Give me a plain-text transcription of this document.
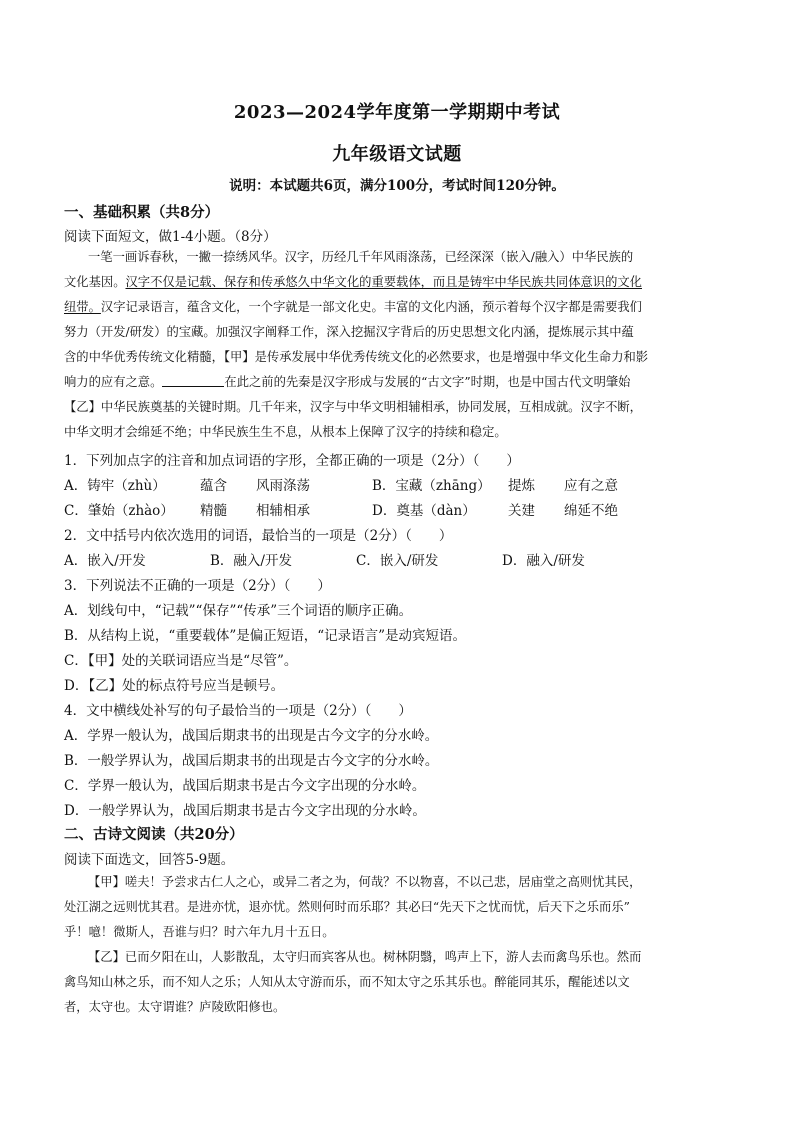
2023—2024学年度第一学期期中考试
九年级语文试题
说明：本试题共6页，满分100分，考试时间120分钟。
一、基础积累（共8分）
阅读下面短文，做1-4小题。（8分）
一笔一画诉春秋，一撇一捺绣风华。汉字，历经几千年风雨涤荡，已经深深（嵌入/融入）中华民族的
文化基因。汉字不仅是记载、保存和传承悠久中华文化的重要载体，而且是铸牢中华民族共同体意识的文化
纽带。汉字记录语言，蕴含文化，一个字就是一部文化史。丰富的文化内涵，预示着每个汉字都是需要我们
努力（开发/研发）的宝藏。加强汉字阐释工作，深入挖掘汉字背后的历史思想文化内涵，提炼展示其中蕴
含的中华优秀传统文化精髓，【甲】是传承发展中华优秀传统文化的必然要求，也是增强中华文化生命力和影
响力的应有之意。	在此之前的先秦是汉字形成与发展的“古文字”时期，也是中国古代文明肇始
【乙】中华民族奠基的关键时期。几千年来，汉字与中华文明相辅相承，协同发展，互相成就。汉字不断，
中华文明才会绵延不绝；中华民族生生不息，从根本上保障了汉字的持续和稳定。
1．下列加点字的注音和加点词语的字形，全都正确的一项是（2分）（　　）
A．铸牢（zhù）	蕴含 风雨涤荡	B．宝藏（zhāng） 提炼 应有之意
C．肇始（zhào） 精髓 相辅相承	D．奠基（dàn） 关建 绵延不绝
2．文中括号内依次选用的词语，最恰当的一项是（2分）（　　）
A．嵌入/开发	B．融入/开发	C．嵌入/研发	D．融入/研发
3．下列说法不正确的一项是（2分）（　　）
A．划线句中，“记载”“保存”“传承”三个词语的顺序正确。
B．从结构上说，“重要载体”是偏正短语，“记录语言”是动宾短语。
C．【甲】处的关联词语应当是“尽管”。
D．【乙】处的标点符号应当是顿号。
4．文中横线处补写的句子最恰当的一项是（2分）（　　）
A．学界一般认为，战国后期隶书的出现是古今文字的分水岭。
B．一般学界认为，战国后期隶书的出现是古今文字的分水岭。
C．学界一般认为，战国后期隶书是古今文字出现的分水岭。
D．一般学界认为，战国后期隶书是古今文字出现的分水岭。
二、古诗文阅读（共20分）
阅读下面选文，回答5-9题。
【甲】嗟夫！予尝求古仁人之心，或异二者之为，何哉？不以物喜，不以己悲，居庙堂之高则忧其民，
处江湖之远则忧其君。是进亦忧，退亦忧。然则何时而乐耶？其必曰“先天下之忧而忧，后天下之乐而乐”
乎！噫！微斯人，吾谁与归？时六年九月十五日。
【乙】已而夕阳在山，人影散乱，太守归而宾客从也。树林阴翳，鸣声上下，游人去而禽鸟乐也。然而
禽鸟知山林之乐，而不知人之乐；人知从太守游而乐，而不知太守之乐其乐也。醉能同其乐，醒能述以文
者，太守也。太守谓谁？庐陵欧阳修也。
